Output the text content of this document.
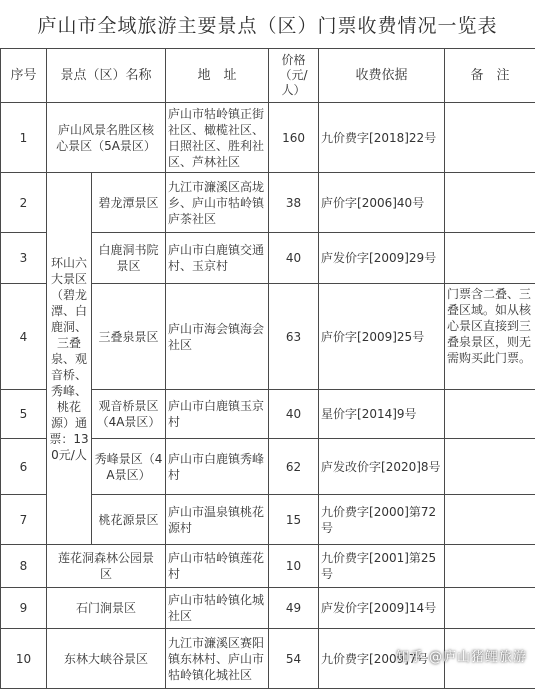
庐山市全域旅游主要景点（区）门票收费情况一览表
序号	景点（区）名称		地　址	价格（元/人）	收费依据	备　注
1	庐山风景名胜区核心景区（5A景区）		庐山市牯岭镇正街社区、橄榄社区、日照社区、胜利社区、芦林社区	160	九价费字[2018]22号	
2	环山六大景区（碧龙潭、白鹿洞、三叠泉、观音桥、秀峰、桃花源）通票：130元/人	碧龙潭景区	九江市濂溪区高垅乡、庐山市牯岭镇庐茶社区	38	庐价字[2006]40号	
3		白鹿洞书院景区	庐山市白鹿镇交通村、玉京村	40	庐发价字[2009]29号	
4		三叠泉景区	庐山市海会镇海会社区	63	庐价字[2009]25号	门票含二叠、三叠区域。如从核心景区直接到三叠泉景区，则无需购买此门票。
5		观音桥景区（4A景区）	庐山市白鹿镇玉京村	40	星价字[2014]9号	
6		秀峰景区（4A景区）	庐山市白鹿镇秀峰村	62	庐发改价字[2020]8号	
7		桃花源景区	庐山市温泉镇桃花源村	15	九价费字[2000]第72号	
8	莲花洞森林公园景区		庐山市牯岭镇莲花村	10	九价费字[2001]第25号	
9	石门涧景区		庐山市牯岭镇化城社区	49	庐发价字[2009]14号	
10	东林大峡谷景区		九江市濂溪区赛阳镇东林村、庐山市牯岭镇化城社区	54	九价费字[2009]7号	
知乎 @庐山猪鲤旅游
